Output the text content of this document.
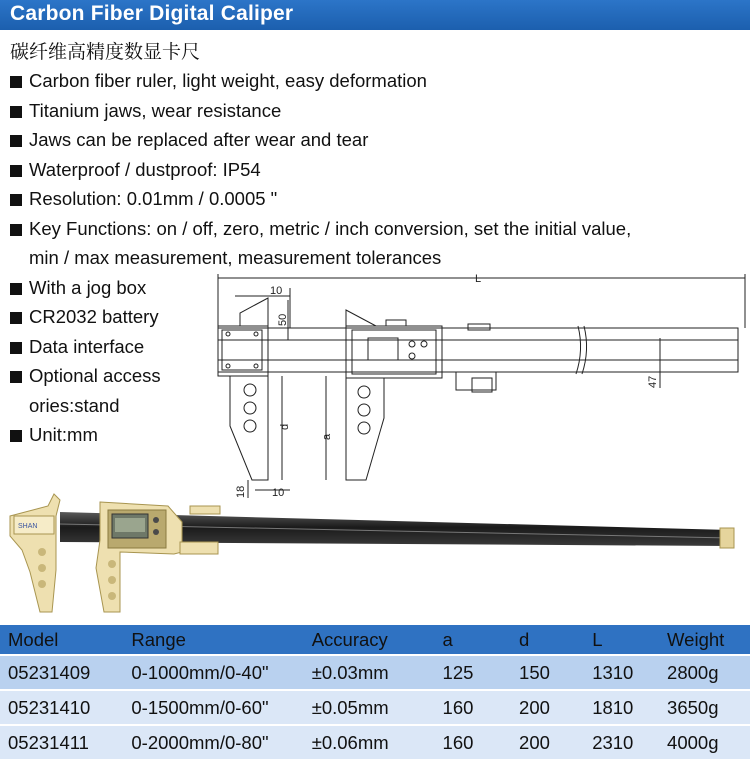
Carbon Fiber Digital Caliper
碳纤维高精度数显卡尺
Carbon fiber ruler, light weight, easy deformation
Titanium jaws, wear resistance
Jaws can be replaced after wear and tear
Waterproof / dustproof: IP54
Resolution: 0.01mm / 0.0005 "
Key Functions: on / off, zero, metric / inch conversion, set the initial value,
min / max measurement, measurement tolerances
With a jog box
CR2032 battery
Data interface
Optional access
ories:stand
Unit:mm
L
10
50
47
d
a
18 10
SHAN
Model	Range	Accuracy	a	d	L	Weight
05231409	0-1000mm/0-40"	±0.03mm	125	150	1310	2800g
05231410	0-1500mm/0-60"	±0.05mm	160	200	1810	3650g
05231411	0-2000mm/0-80"	±0.06mm	160	200	2310	4000g
